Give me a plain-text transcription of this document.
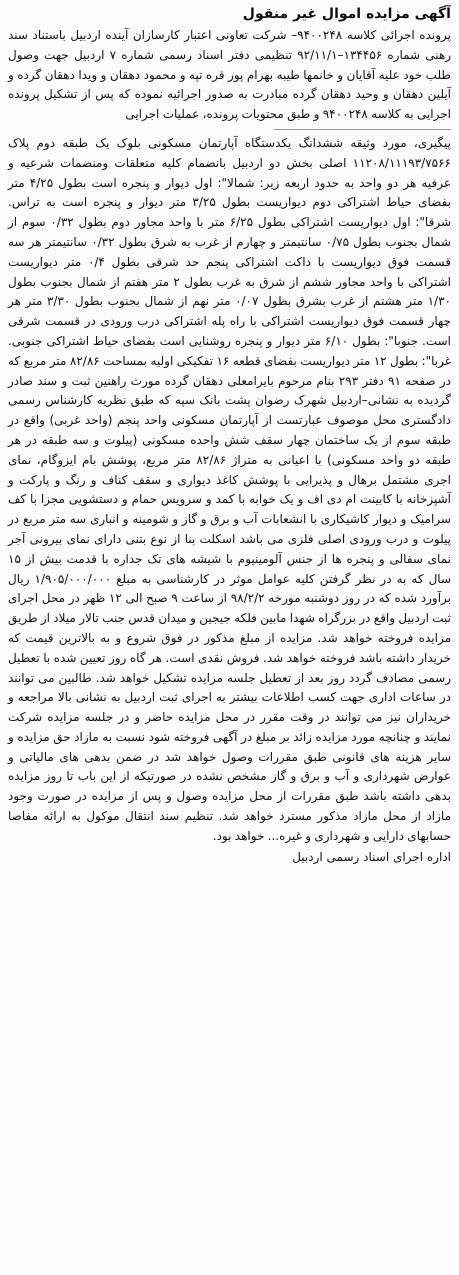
آگهی مزایده اموال غیر منقول

پرونده اجرائی کلاسه ۹۴۰۰۲۴۸– شرکت تعاونی اعتبار کارسازان آینده اردبیل باستناد سند رهنی شماره ۱۳۴۴۵۶–۹۲/۱۱/۱ تنظیمی دفتر اسناد رسمی شماره ۷ اردبیل جهت وصول طلب خود علیه آقایان و خانمها طیبه بهرام پور قره تپه و محمود دهقان و ویدا دهقان گرده و آیلین دهقان و وحید دهقان گرده مبادرت به صدور اجرائیه نموده که پس از تشکیل پرونده اجرایی به کلاسه ۹۴۰۰۲۴۸ و طبق محتویات پرونده، عملیات اجرایی

پیگیری، مورد وثیقه ششدانگ یکدستگاه آپارتمان مسکونی بلوک یک طبقه دوم پلاک ۱۱۲۰۸/۱۱۱۹۳/۷۵۶۶ اصلی بخش دو اردبیل بانضمام کلیه متعلقات ومنضمات شرعیه و عرفیه هر دو واحد به حدود اربعه زیر: شمالا": اول دیوار و پنجره است بطول ۴/۲۵ متر بفضای حیاط اشتراکی دوم دیواریست بطول ۳/۲۵ متر دیوار و پنجره است به تراس. شرقا": اول دیواریست اشتراکی بطول ۶/۲۵ متر با واحد مجاور دوم بطول ۰/۳۲ سوم از شمال بجنوب بطول ۰/۷۵ سانتیمتر و چهارم از غرب به شرق بطول ۰/۳۲ سانتیمتر هر سه قسمت فوق دیواریست با داکت اشتراکی پنجم حد شرقی بطول ۰/۴ متر دیواریست اشتراکی با واحد مجاور ششم از شرق به غرب بطول ۲ متر هفتم از شمال بجنوب بطول ۱/۳۰ متر هشتم از غرب بشرق بطول ۰/۰۷ متر نهم از شمال بجنوب بطول ۳/۳۰ متر هر چهار قسمت فوق دیواریست اشتراکی با راه پله اشتراکی درب ورودی در قسمت شرقی است. جنوبا": بطول ۶/۱۰ متر دیوار و پنجره روشنایی است بفضای حیاط اشتراکی جنوبی. غربا": بطول ۱۲ متر دیواریست بفضای قطعه ۱۶ تفکیکی اولیه بمساحت ۸۲/۸۶ متر مربع که در صفحه ۹۱ دفتر ۲۹۳ بنام مرحوم بایرامعلی دهقان گرده مورث راهنین ثبت و سند صادر گردیده به نشانی–اردبیل شهرک رضوان پشت بانک سپه که طبق نظریه کارشناس رسمی دادگستری محل موصوف عبارتست از آپارتمان مسکونی واحد پنجم (واحد غربی) واقع در طبقه سوم از یک ساختمان چهار سقف شش واحده مسکونی (پیلوت و سه طبقه در هر طبقه دو واحد مسکونی) با اعیانی به متراژ ۸۲/۸۶ متر مربع، پوشش بام ایزوگام، نمای اجری مشتمل برهال و پذیرایی با پوشش کاغذ دیواری و سقف کناف و رنگ و پارکت و آشپزخانه با کابینت ام دی اف و یک خوابه با کمد و سرویس حمام و دستشویی مجزا با کف سرامیک و دیوار کاشیکاری با انشعابات آب و برق و گاز و شومینه و انباری سه متر مربع در پیلوت و درب ورودی اصلی فلزی می باشد اسکلت بنا از نوع بتنی دارای نمای بیرونی آجر نمای سفالی و پنجره ها از جنس آلومینیوم با شیشه های تک جداره با قدمت بیش از ۱۵ سال که به در نظر گرفتن کلیه عوامل موثر در کارشناسی به مبلغ ۱/۹۰۵/۰۰۰/۰۰۰ ریال برآورد شده که در روز دوشنبه مورخه ۹۸/۲/۲ از ساعت ۹ صبح الی ۱۲ ظهر در محل اجرای ثبت اردبیل واقع در بزرگراه شهدا مابین فلکه جیجین و میدان قدس جنب تالار میلاد از طریق مزایده فروخته خواهد شد. مزایده از مبلغ مذکور در فوق شروع و به بالاترین قیمت که خریدار داشته باشد فروخته خواهد شد. فروش نقدی است. هر گاه روز تعیین شده با تعطیل رسمی مصادف گردد روز بعد از تعطیل جلسه مزایده تشکیل خواهد شد. طالبین می توانند در ساعات اداری جهت کسب اطلاعات بیشتر به اجرای ثبت اردبیل به نشانی بالا مراجعه و خریداران نیز می توانند در وقت مقرر در محل مزایده حاضر و در جلسه مزایده شرکت نمایند و چنانچه مورد مزایده زائد بر مبلغ در آگهی فروخته شود نسبت به مازاد حق مزایده و سایر هزینه های قانونی طبق مقررات وصول خواهد شد در ضمن بدهی های مالیاتی و عوارض شهرداری و آب و برق و گاز مشخص نشده در صورتیکه از این باب تا روز مزایده بدهی داشته باشد طبق مقررات از محل مزایده وصول و پس از مزایده در صورت وجود مازاد از محل مازاد مذکور مسترد خواهد شد. تنظیم سند انتقال موکول به ارائه مفاصا حسابهای دارایی و شهرداری و غیره... خواهد بود.

اداره اجرای اسناد رسمی اردبیل
